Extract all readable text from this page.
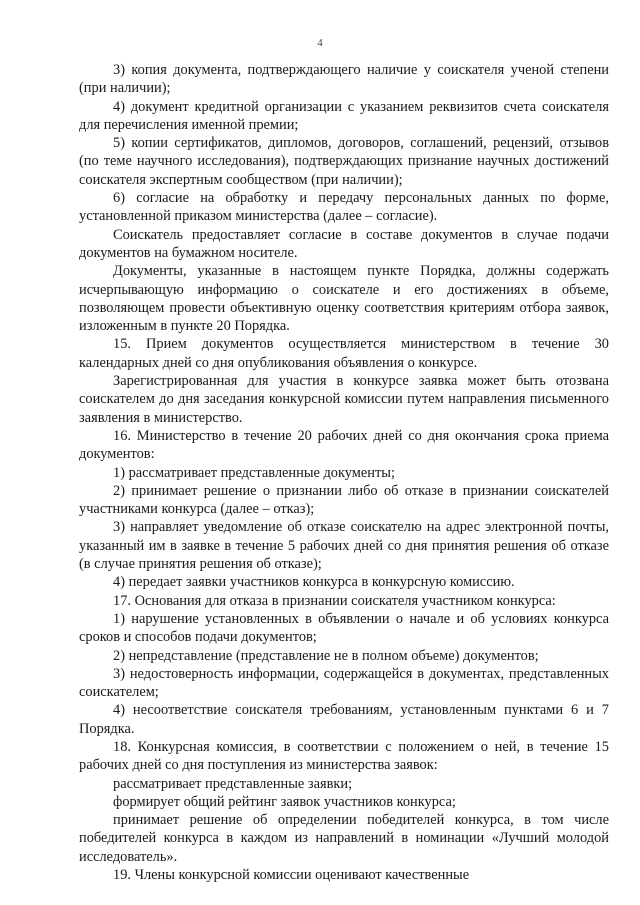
4

3) копия документа, подтверждающего наличие у соискателя ученой степени (при наличии);

4) документ кредитной организации с указанием реквизитов счета соискателя для перечисления именной премии;

5) копии сертификатов, дипломов, договоров, соглашений, рецензий, отзывов (по теме научного исследования), подтверждающих признание научных достижений соискателя экспертным сообществом (при наличии);

6) согласие на обработку и передачу персональных данных по форме, установленной приказом министерства (далее – согласие).

Соискатель предоставляет согласие в составе документов в случае подачи документов на бумажном носителе.

Документы, указанные в настоящем пункте Порядка, должны содержать исчерпывающую информацию о соискателе и его достижениях в объеме, позволяющем провести объективную оценку соответствия критериям отбора заявок, изложенным в пункте 20 Порядка.

15. Прием документов осуществляется министерством в течение 30 календарных дней со дня опубликования объявления о конкурсе.

Зарегистрированная для участия в конкурсе заявка может быть отозвана соискателем до дня заседания конкурсной комиссии путем направления письменного заявления в министерство.

16. Министерство в течение 20 рабочих дней со дня окончания срока приема документов:

1) рассматривает представленные документы;

2) принимает решение о признании либо об отказе в признании соискателей участниками конкурса (далее – отказ);

3) направляет уведомление об отказе соискателю на адрес электронной почты, указанный им в заявке в течение 5 рабочих дней со дня принятия решения об отказе (в случае принятия решения об отказе);

4) передает заявки участников конкурса в конкурсную комиссию.

17. Основания для отказа в признании соискателя участником конкурса:

1) нарушение установленных в объявлении о начале и об условиях конкурса сроков и способов подачи документов;

2) непредставление (представление не в полном объеме) документов;

3) недостоверность информации, содержащейся в документах, представленных соискателем;

4) несоответствие соискателя требованиям, установленным пунктами 6 и 7 Порядка.

18. Конкурсная комиссия, в соответствии с положением о ней, в течение 15 рабочих дней со дня поступления из министерства заявок:

рассматривает представленные заявки;

формирует общий рейтинг заявок участников конкурса;

принимает решение об определении победителей конкурса, в том числе победителей конкурса в каждом из направлений в номинации «Лучший молодой исследователь».

19. Члены конкурсной комиссии оценивают качественные
